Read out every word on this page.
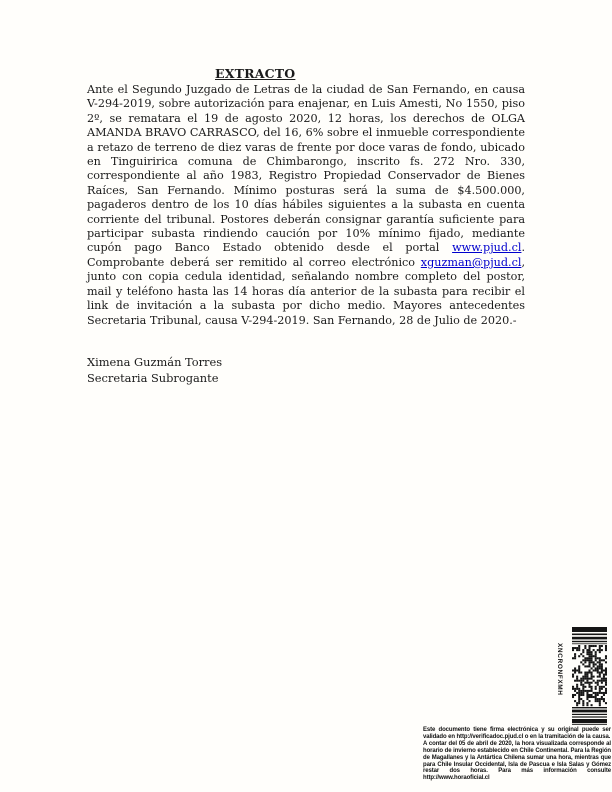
EXTRACTO
Ante el Segundo Juzgado de Letras de la ciudad de San Fernando, en causa V-294-2019, sobre autorización para enajenar, en Luis Amesti, No 1550, piso 2º, se rematara el 19 de agosto 2020, 12 horas, los derechos de OLGA AMANDA BRAVO CARRASCO, del 16, 6% sobre el inmueble correspondiente a retazo de terreno de diez varas de frente por doce varas de fondo, ubicado en Tinguiririca comuna de Chimbarongo, inscrito fs. 272 Nro. 330, correspondiente al año 1983, Registro Propiedad Conservador de Bienes Raíces, San Fernando. Mínimo posturas será la suma de $4.500.000, pagaderos dentro de los 10 días hábiles siguientes a la subasta en cuenta corriente del tribunal. Postores deberán consignar garantía suficiente para participar subasta rindiendo caución por 10% mínimo fijado, mediante cupón pago Banco Estado obtenido desde el portal www.pjud.cl. Comprobante deberá ser remitido al correo electrónico xguzman@pjud.cl, junto con copia cedula identidad, señalando nombre completo del postor, mail y teléfono hasta las 14 horas día anterior de la subasta para recibir el link de invitación a la subasta por dicho medio. Mayores antecedentes Secretaria Tribunal, causa V-294-2019. San Fernando, 28 de Julio de 2020.-
Ximena Guzmán Torres
Secretaria Subrogante
XNCRONFXMH

Este documento tiene firma electrónica y su original puede ser validado en http://verificadoc.pjud.cl o en la tramitación de la causa.

A contar del 05 de abril de 2020, la hora visualizada corresponde al horario de invierno establecido en Chile Continental. Para la Región de Magallanes y la Antártica Chilena sumar una hora, mientras que para Chile Insular Occidental, Isla de Pascua e Isla Salas y Gómez restar dos horas. Para más información consulte http://www.horaoficial.cl
